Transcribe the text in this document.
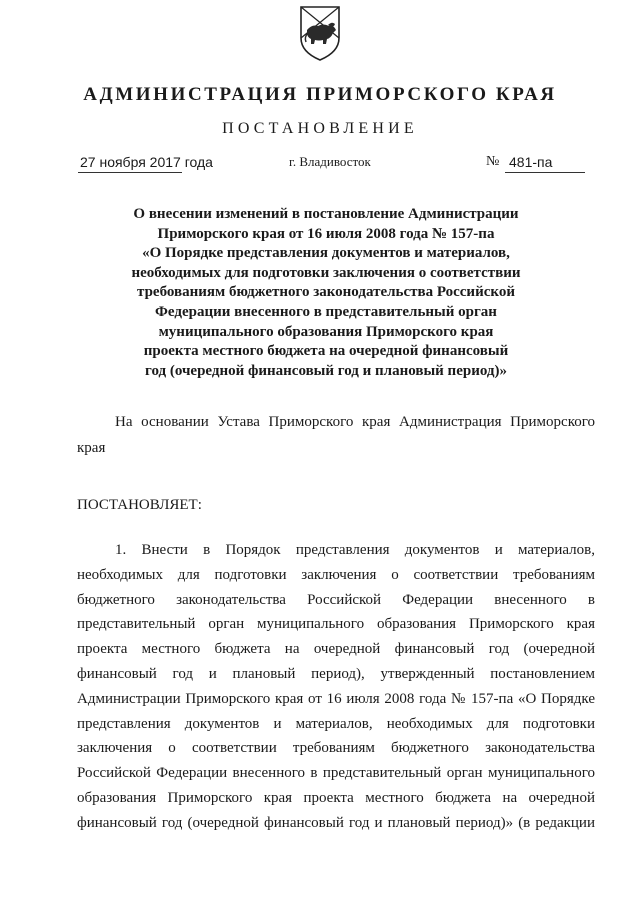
АДМИНИСТРАЦИЯ ПРИМОРСКОГО КРАЯ
ПОСТАНОВЛЕНИЕ
27 ноября 2017 года	г. Владивосток	№ 481-па
О внесении изменений в постановление Администрации
Приморского края от 16 июля 2008 года № 157-па
«О Порядке представления документов и материалов,
необходимых для подготовки заключения о соответствии
требованиям бюджетного законодательства Российской
Федерации внесенного в представительный орган
муниципального образования Приморского края
проекта местного бюджета на очередной финансовый
год (очередной финансовый год и плановый период)»
На основании Устава Приморского края Администрация Приморского
края
ПОСТАНОВЛЯЕТ:
1. Внести в Порядок представления документов и материалов,
необходимых для подготовки заключения о соответствии требованиям
бюджетного законодательства Российской Федерации внесенного в
представительный орган муниципального образования Приморского края
проекта местного бюджета на очередной финансовый год (очередной
финансовый год и плановый период), утвержденный постановлением
Администрации Приморского края от 16 июля 2008 года № 157-па «О Порядке
представления документов и материалов, необходимых для подготовки
заключения о соответствии требованиям бюджетного законодательства
Российской Федерации внесенного в представительный орган муниципального
образования Приморского края проекта местного бюджета на очередной
финансовый год (очередной финансовый год и плановый период)» (в редакции
